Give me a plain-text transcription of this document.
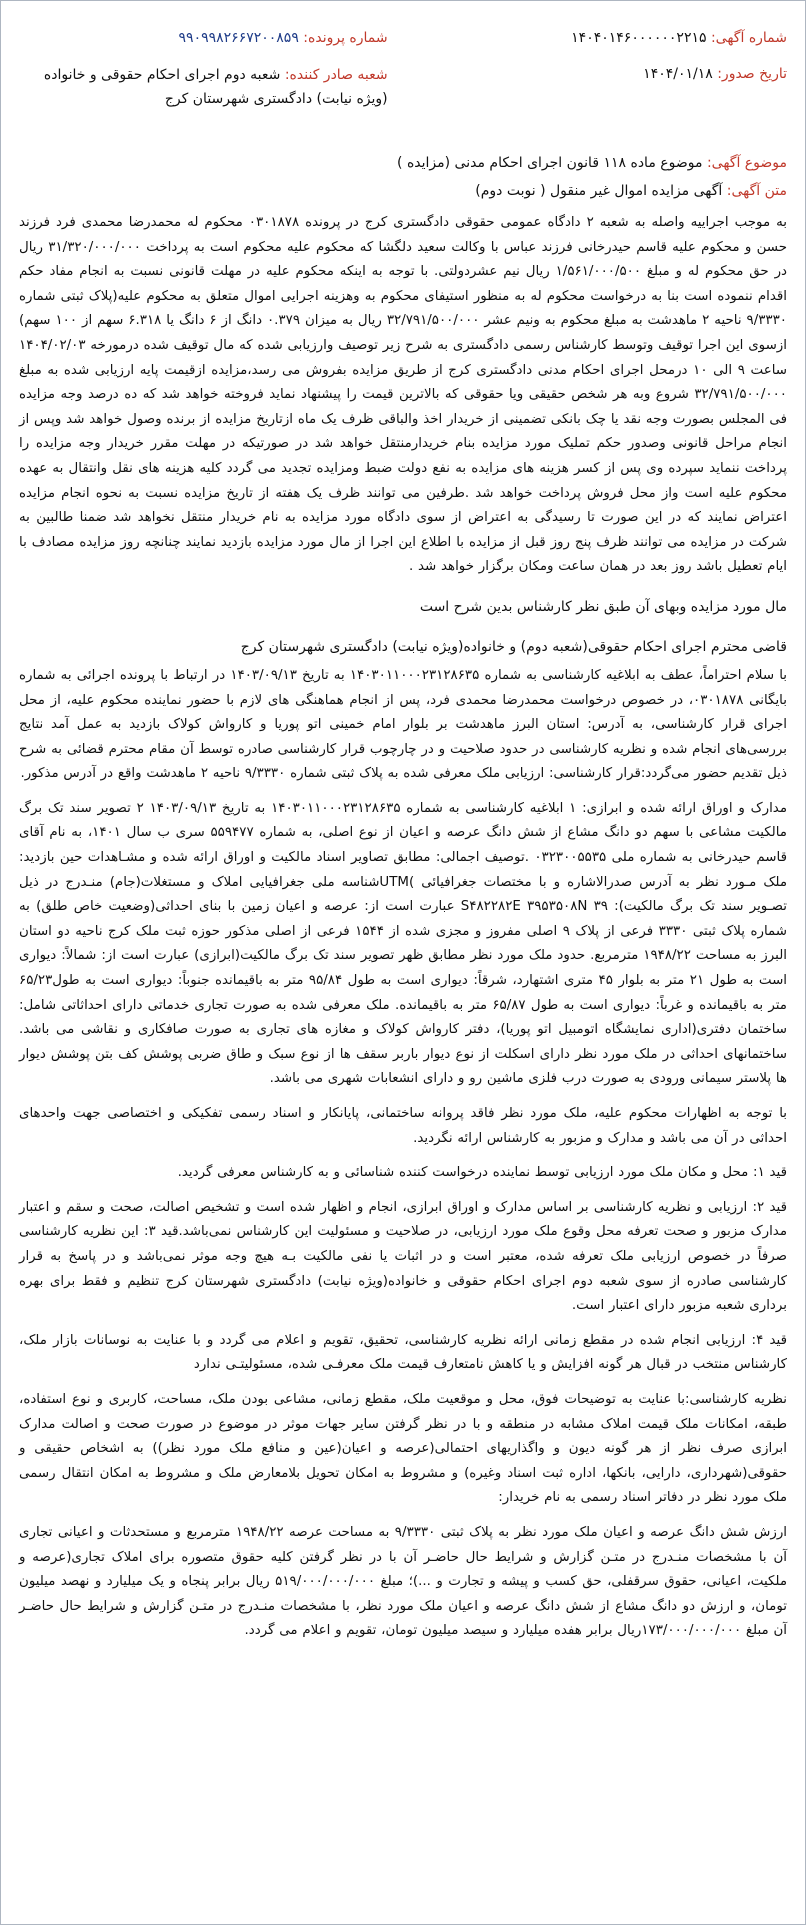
شماره آگهی: ۱۴۰۴۰۱۴۶۰۰۰۰۰۰۲۲۱۵
تاریخ صدور: ۱۴۰۴/۰۱/۱۸
شماره پرونده: ۹۹۰۹۹۸۲۶۶۷۲۰۰۸۵۹
شعبه صادر کننده: شعبه دوم اجرای احکام حقوقی و خانواده (ویژه نیابت) دادگستری شهرستان کرج
موضوع آگهی: موضوع ماده ۱۱۸ قانون اجرای احکام مدنی (مزایده )
متن آگهی: آگهی مزایده اموال غیر منقول ( نوبت دوم)

به موجب اجراییه واصله به شعبه ۲ دادگاه عمومی حقوقی دادگستری کرج در پرونده ۰۳۰۱۸۷۸ محکوم له محمدرضا محمدی فرد فرزند حسن و محکوم علیه قاسم حیدرخانی فرزند عباس با وکالت سعید دلگشا که محکوم علیه محکوم است به پرداخت ۳۱/۳۲۰/۰۰۰/۰۰۰ ریال در حق محکوم له و مبلغ ۱/۵۶۱/۰۰۰/۵۰۰ ریال نیم عشردولتی. با توجه به اینکه محکوم علیه در مهلت قانونی نسبت به انجام مفاد حکم اقدام ننموده است بنا به درخواست محکوم له به منظور استیفای محکوم به وهزینه اجرایی اموال متعلق به محکوم علیه(پلاک ثبتی شماره ۹/۳۳۳۰ ناحیه ۲ ماهدشت به مبلغ محکوم به ونیم عشر ۳۲/۷۹۱/۵۰۰/۰۰۰ ریال به میزان ۰.۳۷۹ دانگ از ۶ دانگ یا ۶.۳۱۸ سهم از ۱۰۰ سهم) ازسوی این اجرا توقیف وتوسط کارشناس رسمی دادگستری به شرح زیر توصیف وارزیابی شده که مال توقیف شده درمورخه ۱۴۰۴/۰۲/۰۳ ساعت ۹ الی ۱۰ درمحل اجرای احکام مدنی دادگستری کرج از طریق مزایده بفروش می رسد،مزایده ازقیمت پایه ارزیابی شده به مبلغ ۳۲/۷۹۱/۵۰۰/۰۰۰ شروع وبه هر شخص حقیقی ویا حقوقی که بالاترین قیمت را پیشنهاد نماید فروخته خواهد شد که ده درصد وجه مزایده فی المجلس بصورت وجه نقد یا چک بانکی تضمینی از خریدار اخذ والباقی ظرف یک ماه ازتاریخ مزایده از برنده وصول خواهد شد وپس از انجام مراحل قانونی وصدور حکم تملیک مورد مزایده بنام خریدارمنتقل خواهد شد در صورتیکه در مهلت مقرر خریدار وجه مزایده را پرداخت ننماید سپرده وی پس از کسر هزینه های مزایده به نفع دولت ضبط ومزایده تجدید می گردد کلیه هزینه های نقل وانتقال به عهده محکوم علیه است واز محل فروش پرداخت خواهد شد .طرفین می توانند ظرف یک هفته از تاریخ مزایده نسبت به نحوه انجام مزایده اعتراض نمایند که در این صورت تا رسیدگی به اعتراض از سوی دادگاه مورد مزایده به نام خریدار منتقل نخواهد شد ضمنا طالبین به شرکت در مزایده می توانند ظرف پنج روز قبل از مزایده با اطلاع این اجرا از مال مورد مزایده بازدید نمایند چنانچه روز مزایده مصادف با ایام تعطیل باشد روز بعد در همان ساعت ومکان برگزار خواهد شد .

مال مورد مزایده وبهای آن طبق نظر کارشناس بدین شرح است
قاضی محترم اجرای احکام حقوقی(شعبه دوم) و خانواده(ویژه نیابت) دادگستری شهرستان کرج

با سلام احتراماً، عطف به ابلاغیه کارشناسی به شماره ۱۴۰۳۰۱۱۰۰۰۲۳۱۲۸۶۳۵ به تاریخ ۱۴۰۳/۰۹/۱۳ در ارتباط با پرونده اجرائی به شماره بایگانی ۰۳۰۱۸۷۸، در خصوص درخواست محمدرضا محمدی فرد، پس از انجام هماهنگی های لازم با حضور نماینده محکوم علیه، از محل اجرای قرار کارشناسی، به آدرس: استان البرز ماهدشت بر بلوار امام خمینی اتو پوریا و کارواش کولاک بازدید به عمل آمد نتایج بررسی‌های انجام شده و نظریه کارشناسی در حدود صلاحیت و در چارچوب قرار کارشناسی صادره توسط آن مقام محترم قضائی به شرح ذیل تقدیم حضور می‌گردد:قرار کارشناسی: ارزیابی ملک معرفی شده به پلاک ثبتی شماره ۹/۳۳۳۰ ناحیه ۲ ماهدشت واقع در آدرس مذکور.

مدارک و اوراق ارائه شده و ابرازی: ۱ ابلاغیه کارشناسی به شماره ۱۴۰۳۰۱۱۰۰۰۲۳۱۲۸۶۳۵ به تاریخ ۱۴۰۳/۰۹/۱۳ ۲ تصویر سند تک برگ مالکیت مشاعی با سهم دو دانگ مشاع از شش دانگ عرصه و اعیان از نوع اصلی، به شماره ۵۵۹۴۷۷ سری ب سال ۱۴۰۱، به نام آقای قاسم حیدرخانی به شماره ملی ۰۳۲۳۰۰۵۵۳۵ .توصیف اجمالی: مطابق تصاویر اسناد مالکیت و اوراق ارائه شده و مشـاهدات حین بازدید: ملک مـورد نظر به آدرس صدرالاشاره و با مختصات جغرافیائی )UTMشناسه ملی جغرافیایی املاک و مستغلات(جام) منـدرج در ذیل تصـویر سند تک برگ مالکیت): ۳۹ S۴۸۲۲۸۲E ۳۹۵۳۵۰۸N عبارت است از: عرصه و اعیان زمین با بنای احداثی(وضعیت خاص طلق) به شماره پلاک ثبتی ۳۳۳۰ فرعی از پلاک ۹ اصلی مفروز و مجزی شده از ۱۵۴۴ فرعی از اصلی مذکور حوزه ثبت ملک کرج ناحیه دو استان البرز به مساحت ۱۹۴۸/۲۲ مترمربع. حدود ملک مورد نظر مطابق ظهر تصویر سند تک برگ مالکیت(ابرازی) عبارت است از: شمالاً: دیواری است به طول ۲۱ متر به بلوار ۴۵ متری اشتهارد، شرقاً: دیواری است به طول ۹۵/۸۴ متر به باقیمانده جنوباً: دیواری است به طول۶۵/۲۳ متر به باقیمانده و غرباً: دیواری است به طول ۶۵/۸۷ متر به باقیمانده. ملک معرفی شده به صورت تجاری خدماتی دارای احداثاتی شامل: ساختمان دفتری(اداری نمایشگاه اتومبیل اتو پوریا)، دفتر کارواش کولاک و مغازه های تجاری به صورت صافکاری و نقاشی می باشد. ساختمانهای احداثی در ملک مورد نظر دارای اسکلت از نوع دیوار باربر سقف ها از نوع سبک و طاق ضربی پوشش کف بتن پوشش دیوار ها پلاستر سیمانی ورودی به صورت درب فلزی ماشین رو و دارای انشعابات شهری می باشد.

با توجه به اظهارات محکوم علیه، ملک مورد نظر فاقد پروانه ساختمانی، پایانکار و اسناد رسمی تفکیکی و اختصاصی جهت واحدهای احداثی در آن می باشد و مدارک و مزبور به کارشناس ارائه نگردید.

قید ۱: محل و مکان ملک مورد ارزیابی توسط نماینده درخواست کننده شناسائی و به کارشناس معرفی گردید.

قید ۲: ارزیابی و نظریه کارشناسی بر اساس مدارک و اوراق ابرازی، انجام و اظهار شده است و تشخیص اصالت، صحت و سقم و اعتبار مدارک مزبور و صحت تعرفه محل وقوع ملک مورد ارزیابی، در صلاحیت و مسئولیت این کارشناس نمی‌باشد.قید ۳: این نظریه کارشناسی صرفاً در خصوص ارزیابی ملک تعرفه شده، معتبر است و در اثبات یا نفی مالکیت بـه هیچ وجه موثر نمی‌باشد و در پاسخ به قرار کارشناسی صادره از سوی شعبه دوم اجرای احکام حقوقی و خانواده(ویژه نیابت) دادگستری شهرستان کرج تنظیم و فقط برای بهره برداری شعبه مزبور دارای اعتبار است.

قید ۴: ارزیابی انجام شده در مقطع زمانی ارائه نظریه کارشناسی، تحقیق، تقویم و اعلام می گردد و با عنایت به نوسانات بازار ملک، کارشناس منتخب در قبال هر گونه افزایش و یا کاهش نامتعارف قیمت ملک معرفـی شده، مسئولیتـی ندارد

نظریه کارشناسی:با عنایت به توضیحات فوق، محل و موقعیت ملک، مقطع زمانی، مشاعی بودن ملک، مساحت، کاربری و نوع استفاده، طبقه، امکانات ملک قیمت املاک مشابه در منطقه و با در نظر گرفتن سایر جهات موثر در موضوع در صورت صحت و اصالت مدارک ابرازی صرف نظر از هر گونه دیون و واگذاریهای احتمالی(عرصه و اعیان(عین و منافع ملک مورد نظر)) به اشخاص حقیقی و حقوقی(شهرداری، دارایی، بانکها، اداره ثبت اسناد وغیره) و مشروط به امکان تحویل بلامعارض ملک و مشروط به امکان انتقال رسمی ملک مورد نظر در دفاتر اسناد رسمی به نام خریدار:

ارزش شش دانگ عرصه و اعیان ملک مورد نظر به پلاک ثبتی ۹/۳۳۳۰ به مساحت عرصه ۱۹۴۸/۲۲ مترمربع و مستحدثات و اعیانی تجاری آن با مشخصات منـدرج در متـن گزارش و شرایط حال حاضـر آن با در نظر گرفتن کلیه حقوق متصوره برای املاک تجاری(عرصه و ملکیت، اعیانی، حقوق سرقفلی، حق کسب و پیشه و تجارت و ...)؛ مبلغ ۵۱۹/۰۰۰/۰۰۰/۰۰۰ ریال برابر پنجاه و یک میلیارد و نهصد میلیون تومان، و ارزش دو دانگ مشاع از شش دانگ عرصه و اعیان ملک مورد نظر، با مشخصات منـدرج در متـن گزارش و شرایط حال حاضـر آن مبلغ ۱۷۳/۰۰۰/۰۰۰/۰۰۰ریال برابر هفده میلیارد و سیصد میلیون تومان، تقویم و اعلام می گردد.
